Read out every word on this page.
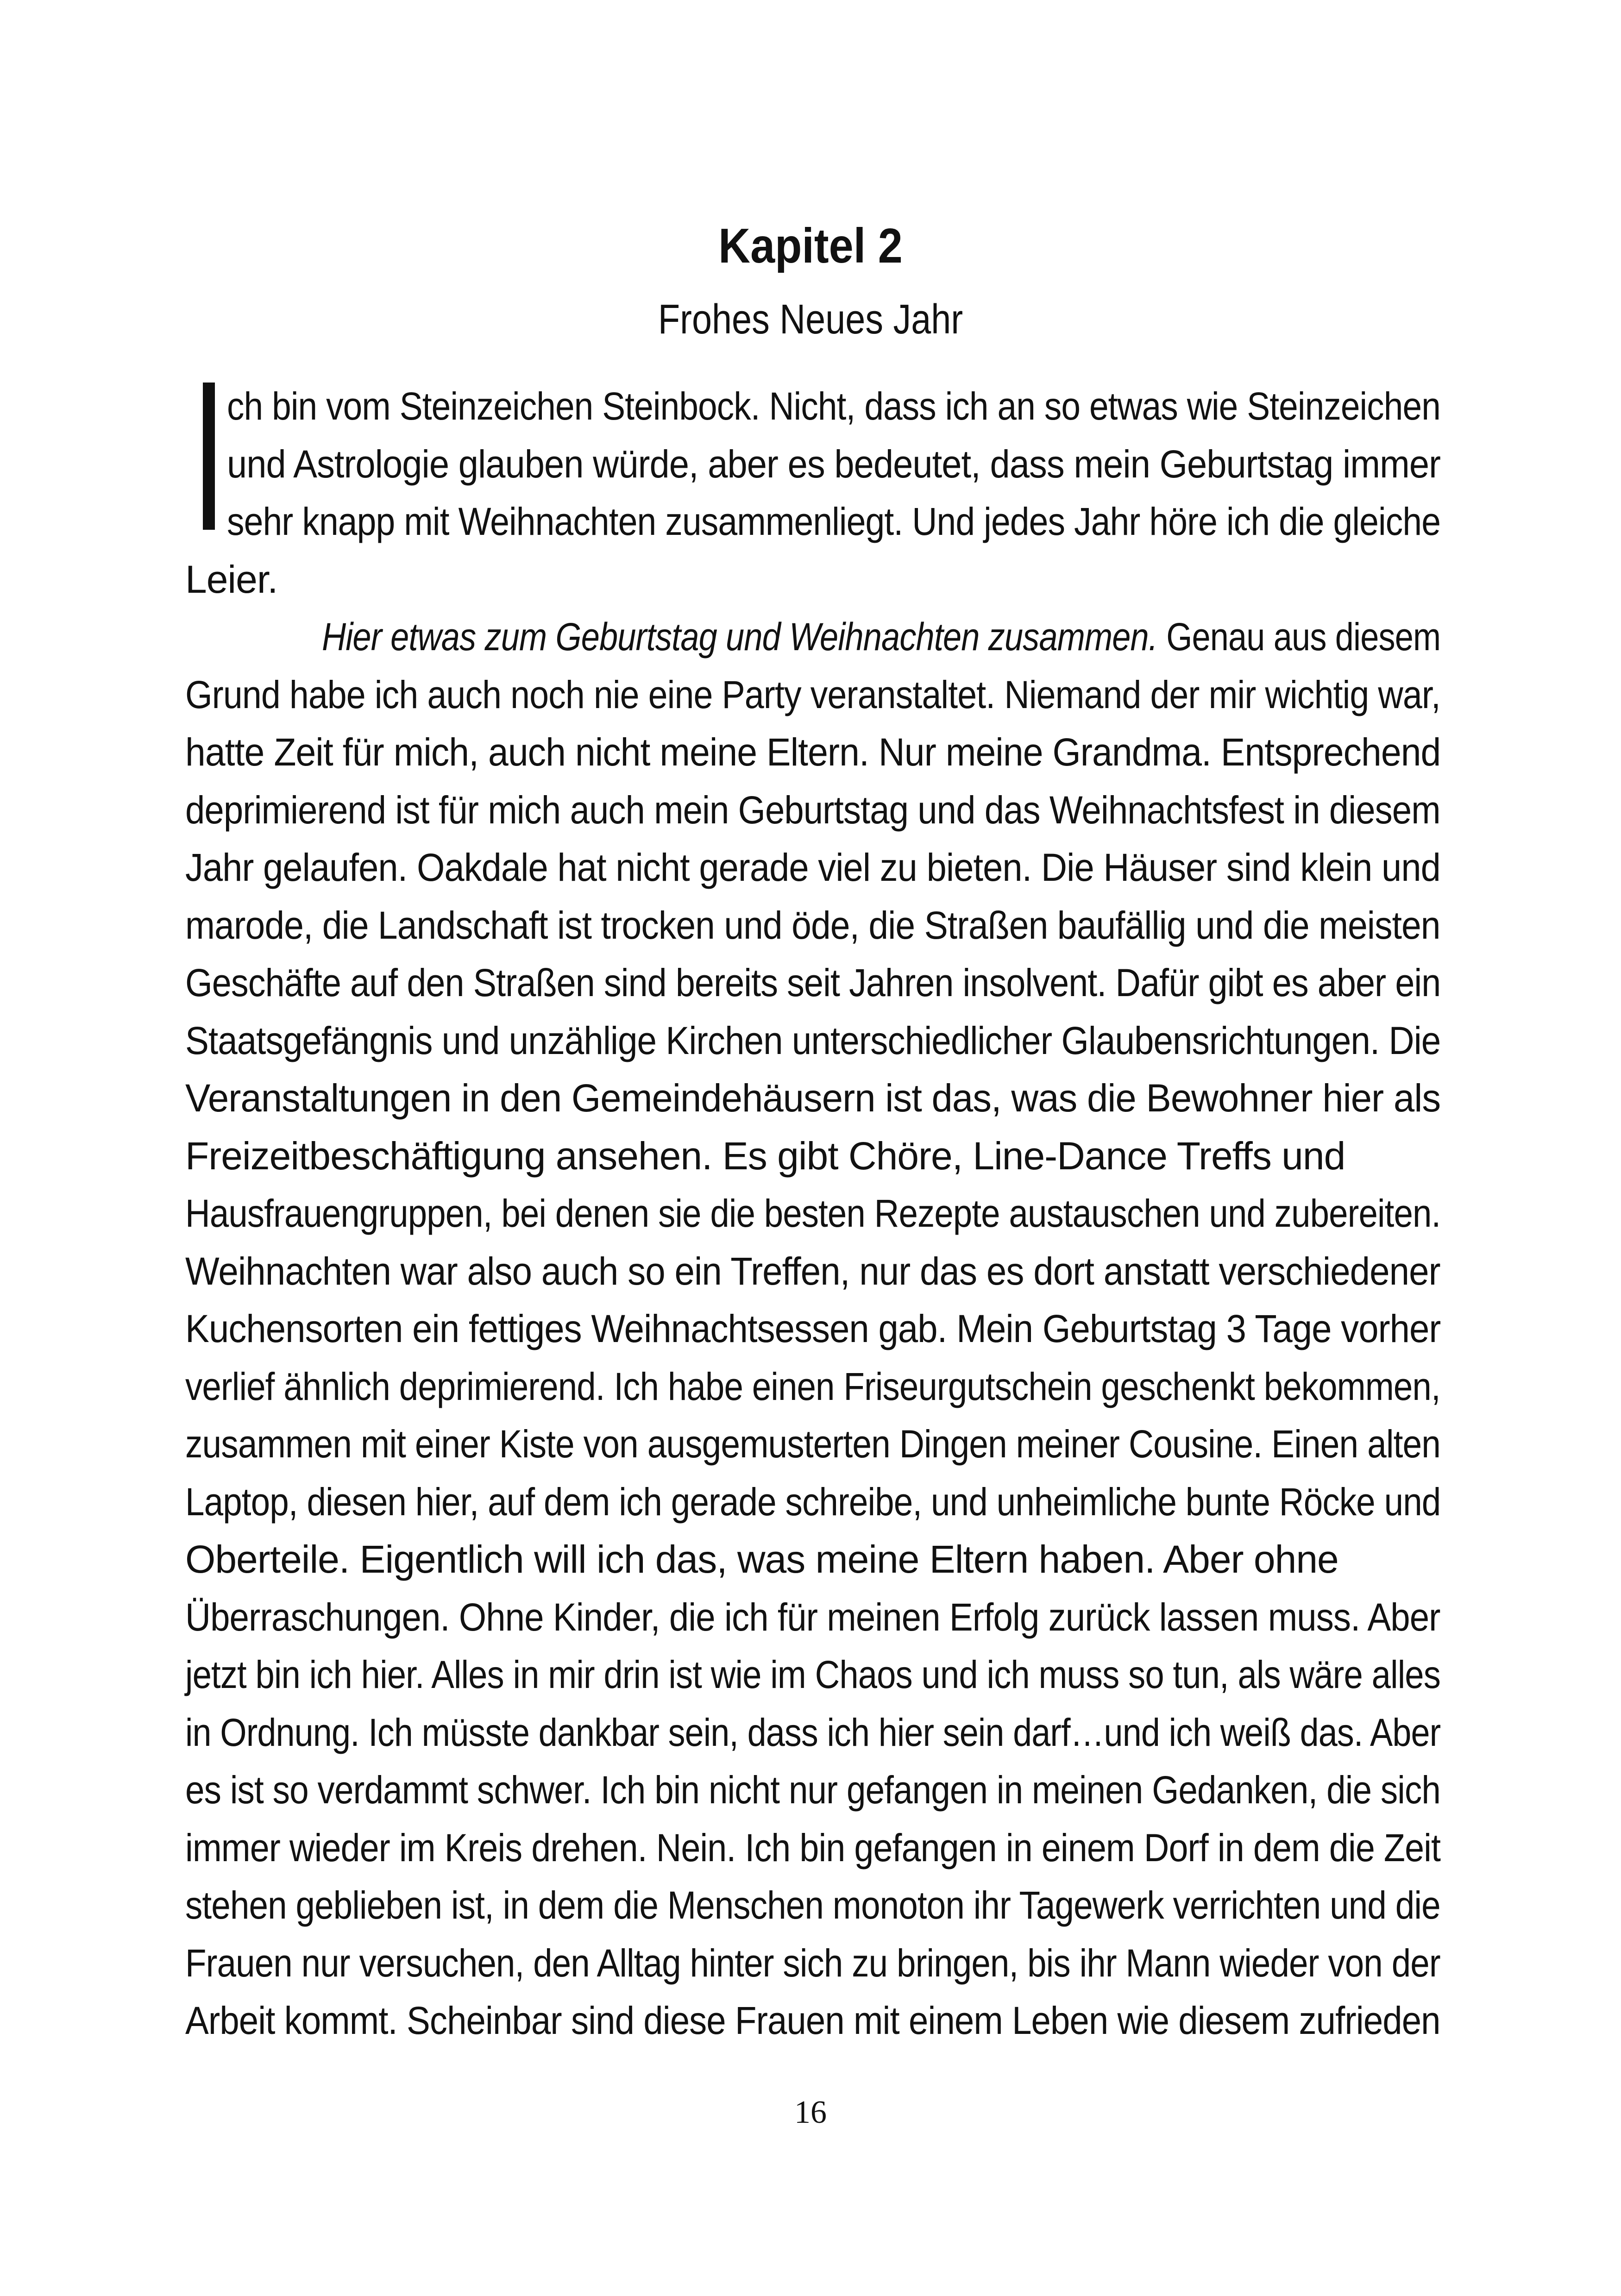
Kapitel 2
Frohes Neues Jahr
ch bin vom Steinzeichen Steinbock. Nicht, dass ich an so etwas wie Steinzeichen
und Astrologie glauben würde, aber es bedeutet, dass mein Geburtstag immer
sehr knapp mit Weihnachten zusammenliegt. Und jedes Jahr höre ich die gleiche
Leier.
Hier etwas zum Geburtstag und Weihnachten zusammen. Genau aus diesem
Grund habe ich auch noch nie eine Party veranstaltet. Niemand der mir wichtig war,
hatte Zeit für mich, auch nicht meine Eltern. Nur meine Grandma. Entsprechend
deprimierend ist für mich auch mein Geburtstag und das Weihnachtsfest in diesem
Jahr gelaufen. Oakdale hat nicht gerade viel zu bieten. Die Häuser sind klein und
marode, die Landschaft ist trocken und öde, die Straßen baufällig und die meisten
Geschäfte auf den Straßen sind bereits seit Jahren insolvent. Dafür gibt es aber ein
Staatsgefängnis und unzählige Kirchen unterschiedlicher Glaubensrichtungen. Die
Veranstaltungen in den Gemeindehäusern ist das, was die Bewohner hier als
Freizeitbeschäftigung ansehen. Es gibt Chöre, Line-Dance Treffs und
Hausfrauengruppen, bei denen sie die besten Rezepte austauschen und zubereiten.
Weihnachten war also auch so ein Treffen, nur das es dort anstatt verschiedener
Kuchensorten ein fettiges Weihnachtsessen gab. Mein Geburtstag 3 Tage vorher
verlief ähnlich deprimierend. Ich habe einen Friseurgutschein geschenkt bekommen,
zusammen mit einer Kiste von ausgemusterten Dingen meiner Cousine. Einen alten
Laptop, diesen hier, auf dem ich gerade schreibe, und unheimliche bunte Röcke und
Oberteile. Eigentlich will ich das, was meine Eltern haben. Aber ohne
Überraschungen. Ohne Kinder, die ich für meinen Erfolg zurück lassen muss. Aber
jetzt bin ich hier. Alles in mir drin ist wie im Chaos und ich muss so tun, als wäre alles
in Ordnung. Ich müsste dankbar sein, dass ich hier sein darf…und ich weiß das. Aber
es ist so verdammt schwer. Ich bin nicht nur gefangen in meinen Gedanken, die sich
immer wieder im Kreis drehen. Nein. Ich bin gefangen in einem Dorf in dem die Zeit
stehen geblieben ist, in dem die Menschen monoton ihr Tagewerk verrichten und die
Frauen nur versuchen, den Alltag hinter sich zu bringen, bis ihr Mann wieder von der
Arbeit kommt. Scheinbar sind diese Frauen mit einem Leben wie diesem zufrieden
16
